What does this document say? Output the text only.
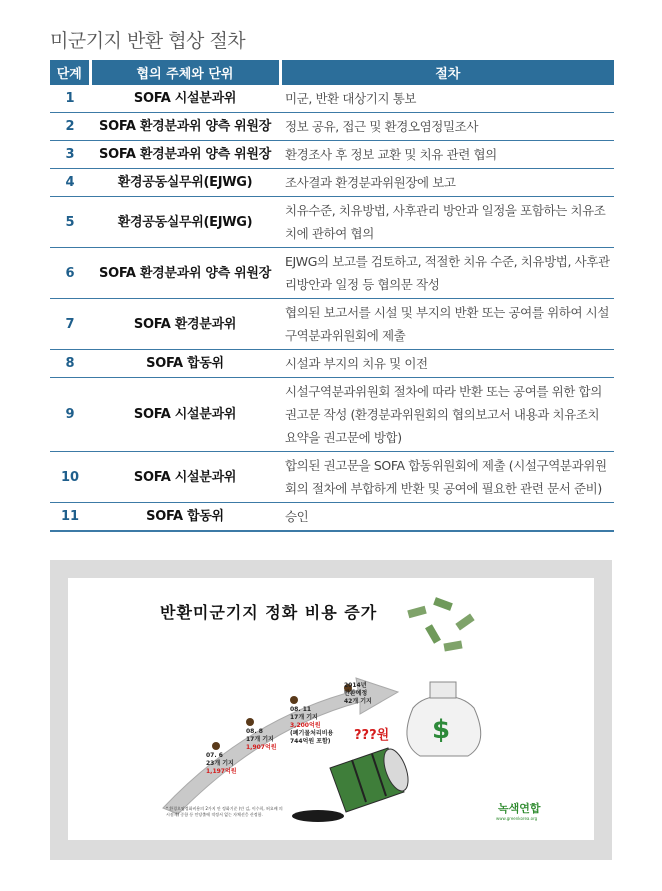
미군기지 반환 협상 절차
단계	협의 주체와 단위	절차
1	SOFA 시설분과위	미군, 반환 대상기지 통보
2	SOFA 환경분과위 양측 위원장	정보 공유, 접근 및 환경오염정밀조사
3	SOFA 환경분과위 양측 위원장	환경조사 후 정보 교환 및 치유 관련 협의
4	환경공동실무위(EJWG)	조사결과 환경분과위원장에 보고
5	환경공동실무위(EJWG)	치유수준, 치유방법, 사후관리 방안과 일정을 포함하는 치유조치에 관하여 협의
6	SOFA 환경분과위 양측 위원장	EJWG의 보고를 검토하고, 적절한 치유 수준, 치유방법, 사후관리방안과 일정 등 협의문 작성
7	SOFA 환경분과위	협의된 보고서를 시설 및 부지의 반환 또는 공여를 위하여 시설구역분과위원회에 제출
8	SOFA 합동위	시설과 부지의 치유 및 이전
9	SOFA 시설분과위	시설구역분과위원회 절차에 따라 반환 또는 공여를 위한 합의 권고문 작성 (환경분과위원회의 협의보고서 내용과 치유조치 요약을 권고문에 방합)
10	SOFA 시설분과위	합의된 권고문을 SOFA 합동위원회에 제출 (시설구역분과위원회의 절차에 부합하게 반환 및 공여에 필요한 관련 문서 준비)
11	SOFA 합동위	승인
$
반환미군기지 정화 비용 증가
07. 6
23개 기지
1,197억원
08. 8
17개 기지
1,907억원
08. 11
17개 기지
3,200억원
(폐기물처리비용
744억원 포함)
2014년
반환예정
42개 기지
???원
* 환경오염정화비용의 2가지 안 정화기준 (안 김, 이수희, 허요배 의 시점재) 중함 등 인당출에 적정서 없는 자체선응 산정함.	녹색연합
www.greenkorea.org
